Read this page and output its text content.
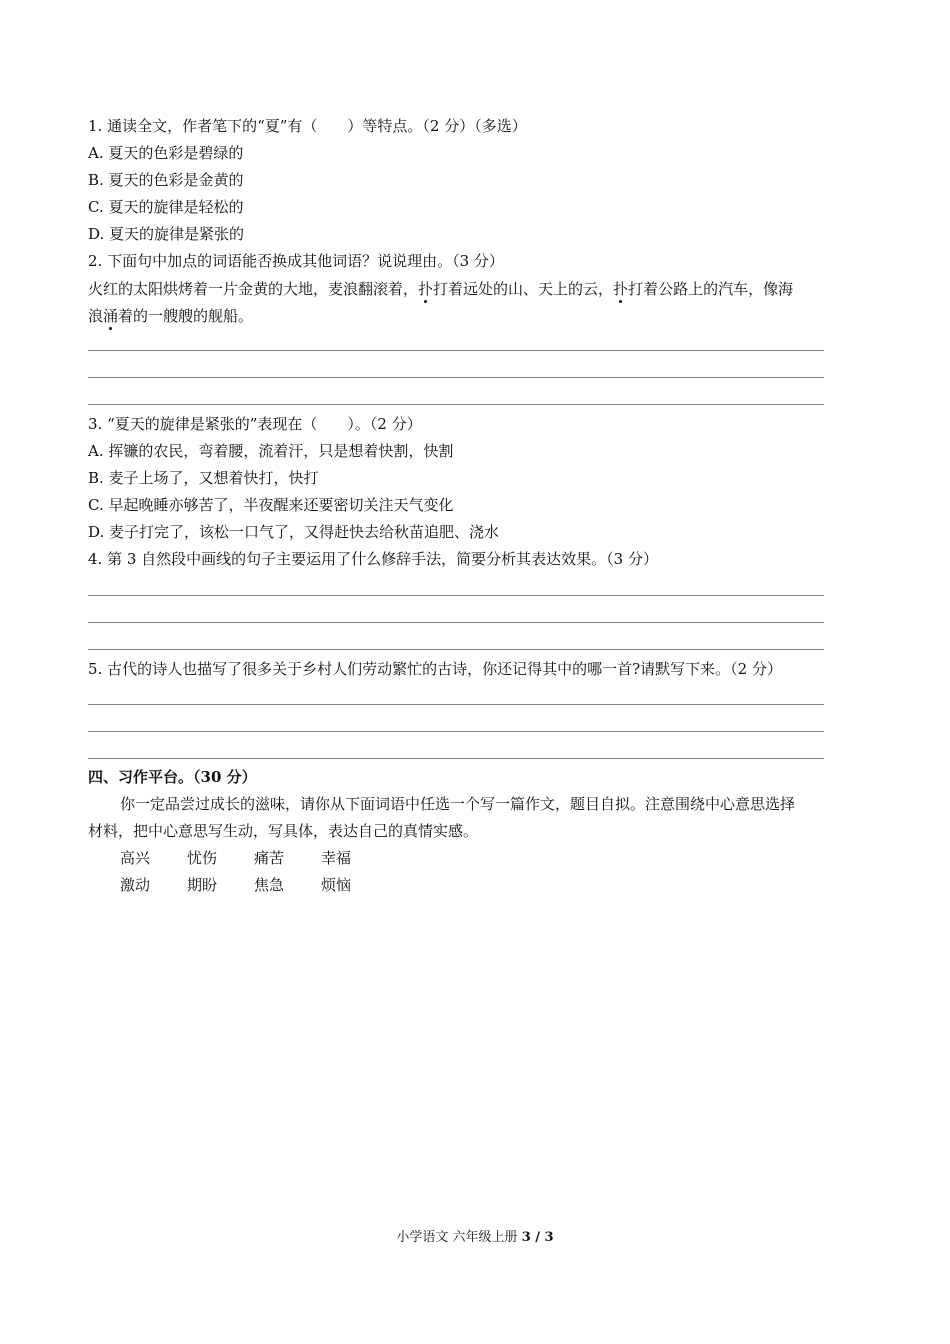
1. 通读全文，作者笔下的“夏”有（　　）等特点。（2 分）（多选）
A. 夏天的色彩是碧绿的
B. 夏天的色彩是金黄的
C. 夏天的旋律是轻松的
D. 夏天的旋律是紧张的
2. 下面句中加点的词语能否换成其他词语？说说理由。（3 分）
火红的太阳烘烤着一片金黄的大地，麦浪翻滚着，扑打着远处的山、天上的云，扑打着公路上的汽车，像海
浪涌着的一艘艘的舰船。
3. “夏天的旋律是紧张的”表现在（　　）。（2 分）
A. 挥镰的农民，弯着腰，流着汗，只是想着快割，快割
B. 麦子上场了，又想着快打，快打
C. 早起晚睡亦够苦了，半夜醒来还要密切关注天气变化
D. 麦子打完了，该松一口气了，又得赶快去给秋苗追肥、浇水
4. 第 3 自然段中画线的句子主要运用了什么修辞手法，简要分析其表达效果。（3 分）
5. 古代的诗人也描写了很多关于乡村人们劳动繁忙的古诗，你还记得其中的哪一首?请默写下来。（2 分）
四、习作平台。（30 分）
你一定品尝过成长的滋味，请你从下面词语中任选一个写一篇作文，题目自拟。注意围绕中心意思选择
材料，把中心意思写生动，写具体，表达自己的真情实感。
高兴 忧伤 痛苦 幸福
激动 期盼 焦急 烦恼
小学语文 六年级上册 3 / 3
